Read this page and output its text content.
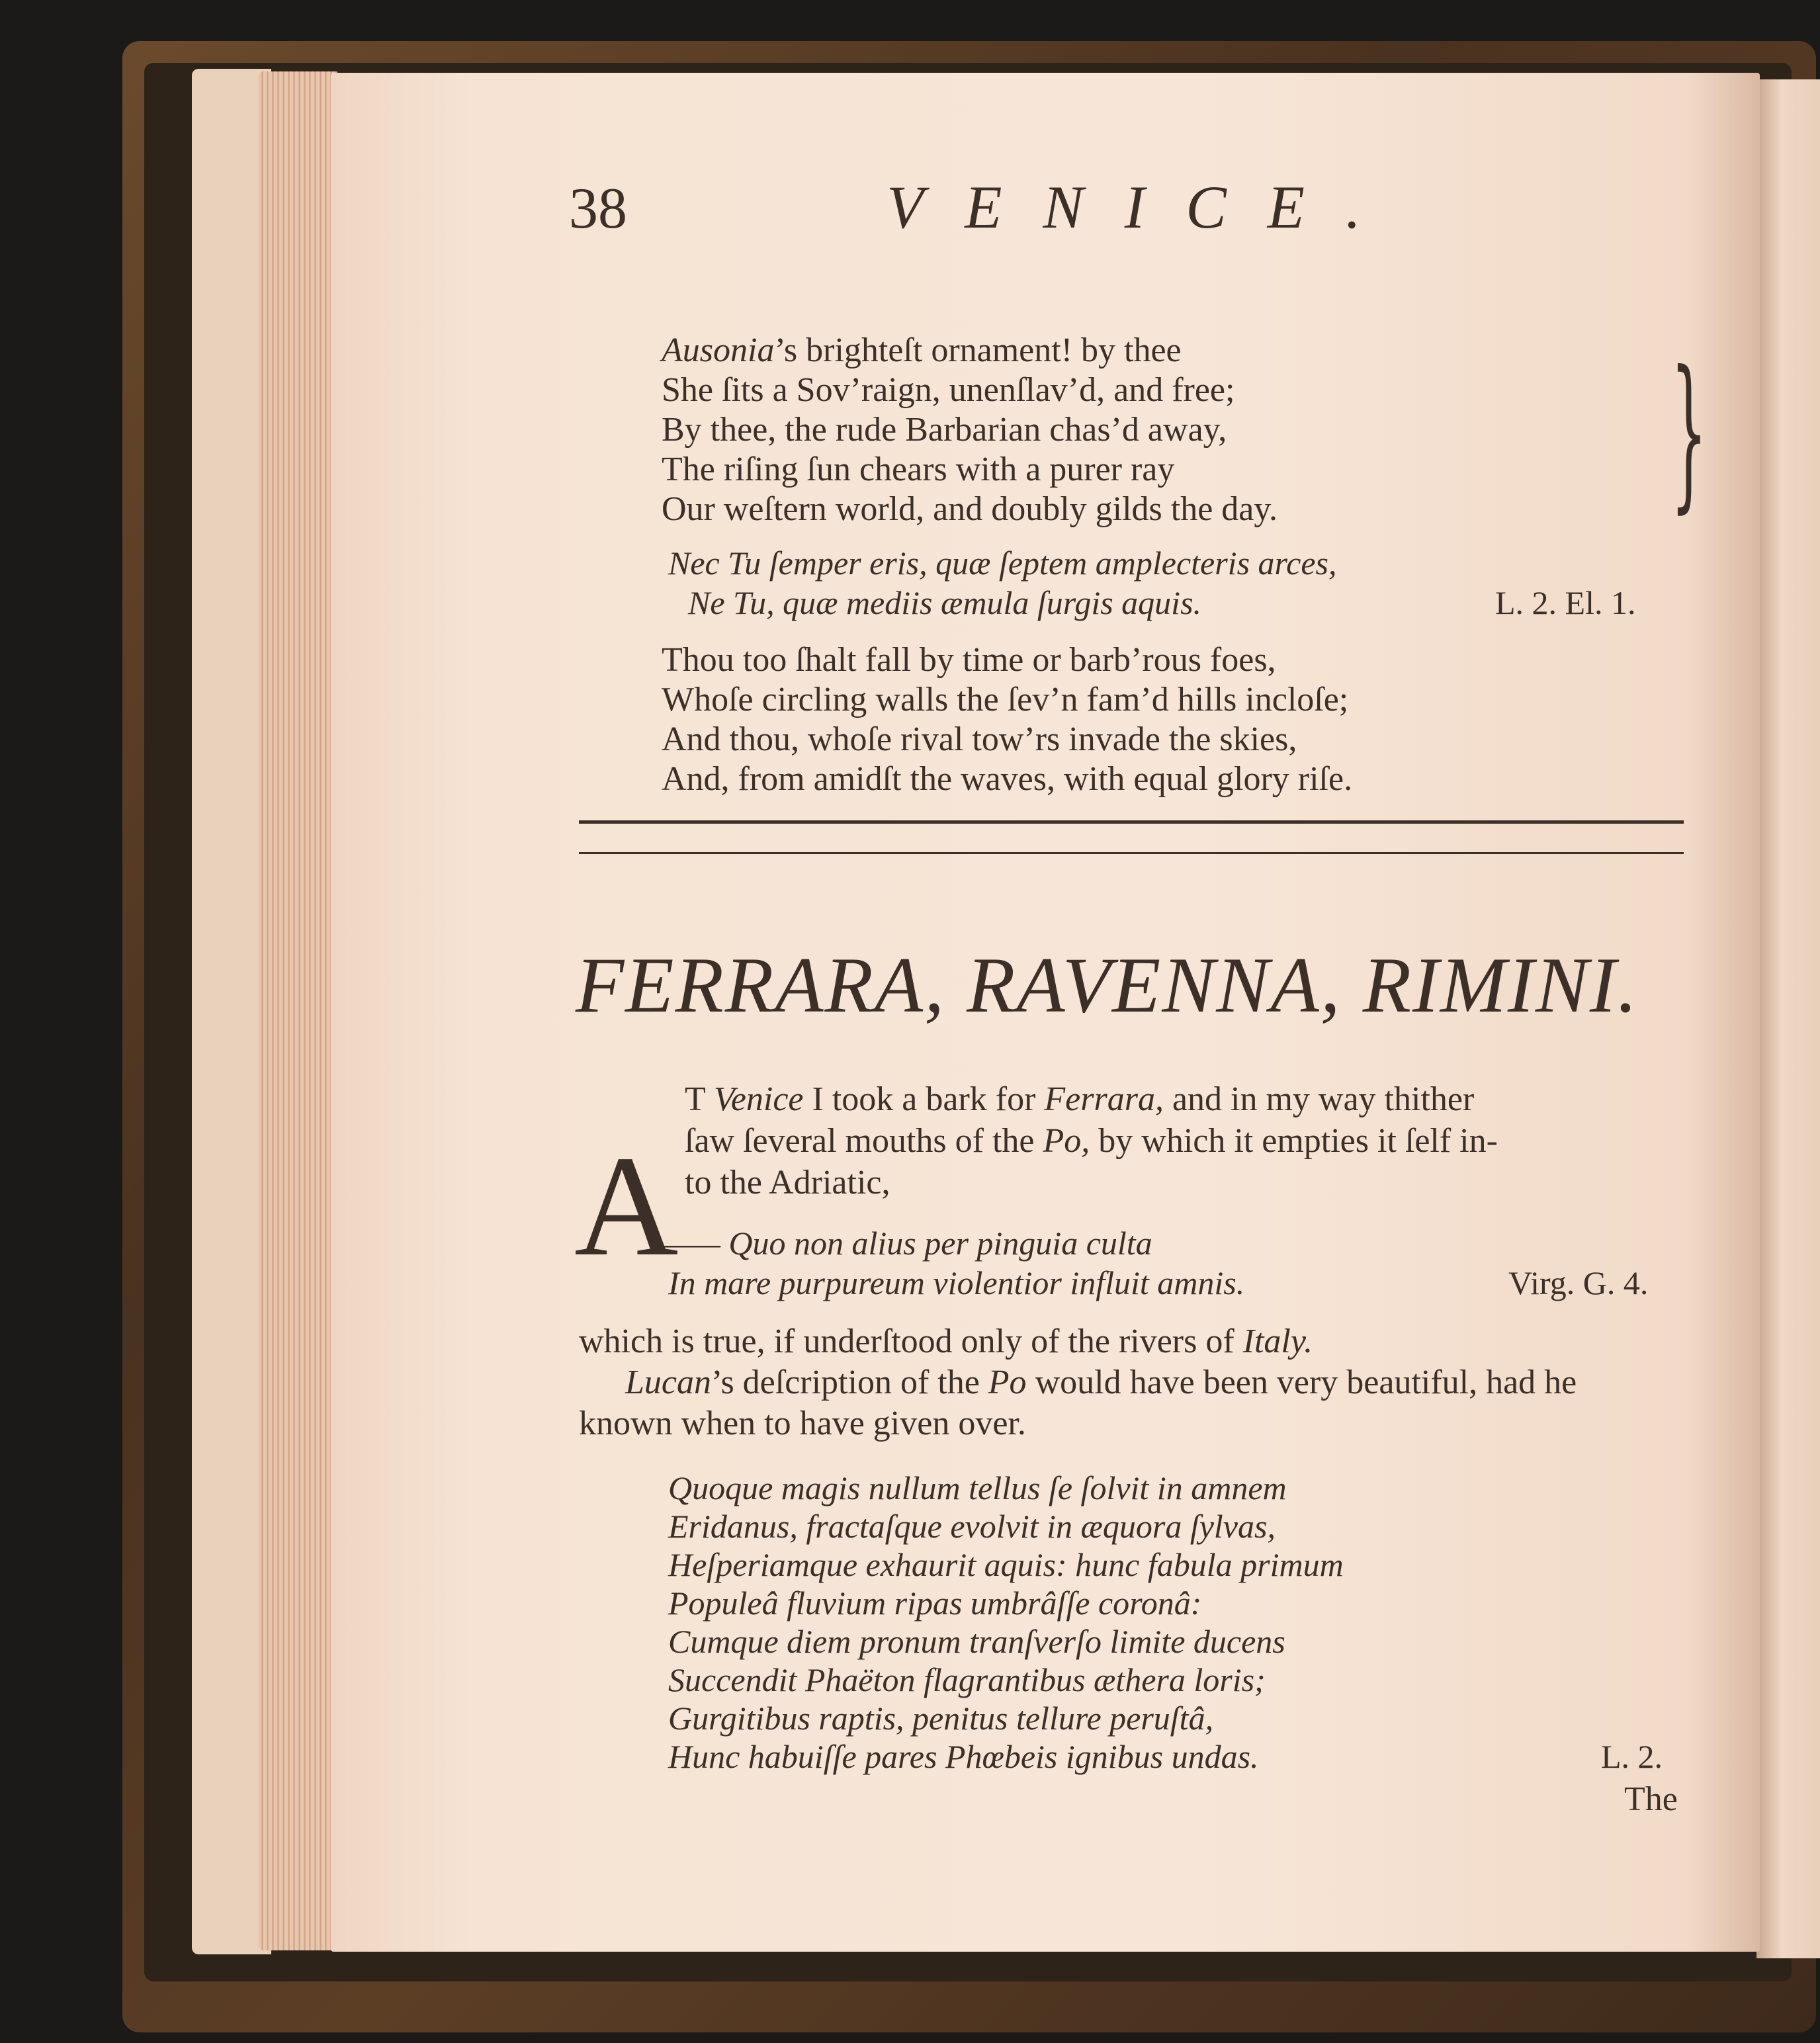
38	VENICE.
Ausonia’s brighteſt ornament! by thee
She ſits a Sov’raign, unenſlav’d, and free;
By thee, the rude Barbarian chas’d away,
The riſing ſun chears with a purer ray
Our weſtern world, and doubly gilds the day. }
Nec Tu ſemper eris, quæ ſeptem amplecteris arces,
Ne Tu, quæ mediis æmula ſurgis aquis.	L. 2. El. 1.
Thou too ſhalt fall by time or barb’rous foes,
Whoſe circling walls the ſev’n fam’d hills incloſe;
And thou, whoſe rival tow’rs invade the skies,
And, from amidſt the waves, with equal glory riſe.
FERRARA, RAVENNA, RIMINI.
A
T Venice I took a bark for Ferrara, and in my way thither
ſaw ſeveral mouths of the Po, by which it empties it ſelf in-
to the Adriatic,
—— Quo non alius per pinguia culta
In mare purpureum violentior influit amnis.	Virg. G. 4.
which is true, if underſtood only of the rivers of Italy.
Lucan’s deſcription of the Po would have been very beautiful, had he
known when to have given over.
Quoque magis nullum tellus ſe ſolvit in amnem
Eridanus, fractaſque evolvit in æquora ſylvas,
Heſperiamque exhaurit aquis: hunc fabula primum
Populeâ fluvium ripas umbrâſſe coronâ:
Cumque diem pronum tranſverſo limite ducens
Succendit Phaëton flagrantibus æthera loris;
Gurgitibus raptis, penitus tellure peruſtâ,
Hunc habuiſſe pares Phœbeis ignibus undas.	L. 2.
The
